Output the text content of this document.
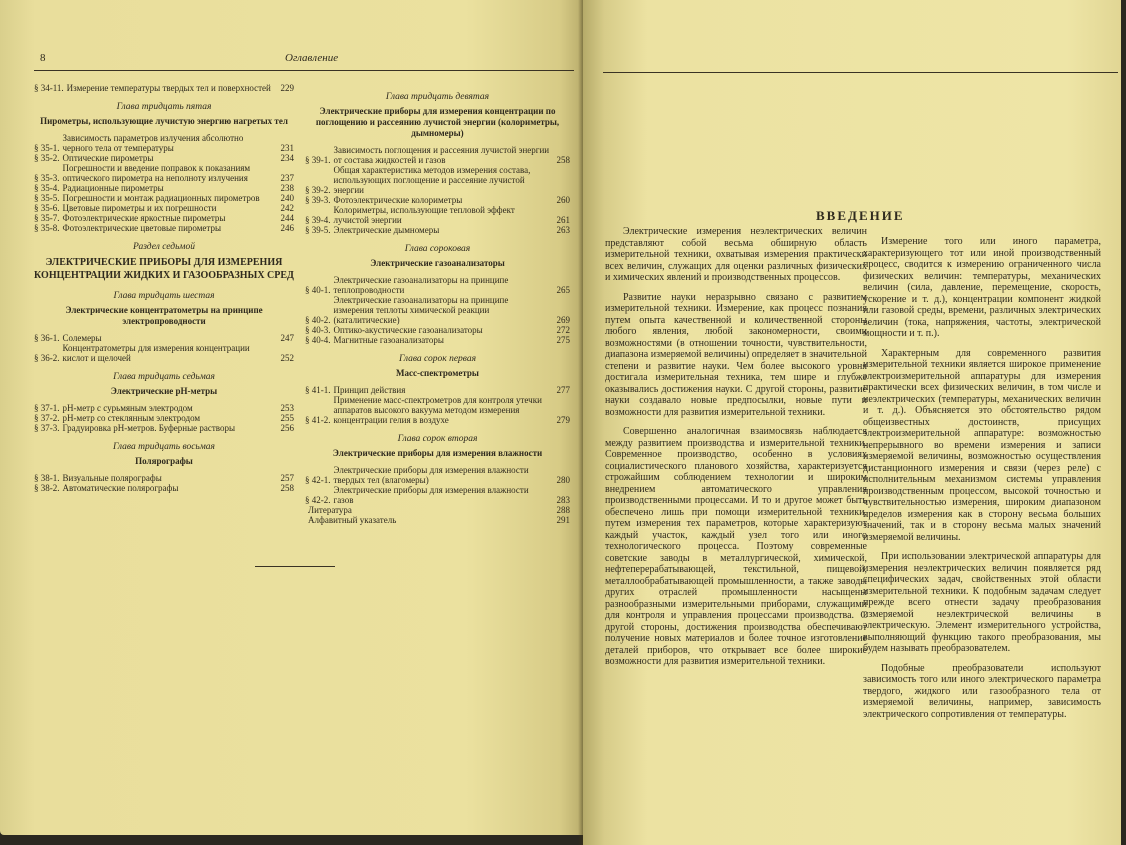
8	Оглавление
§ 34-11. Измерение температуры твердых тел и поверхностей	229
Глава тридцать пятая
Пирометры, использующие лучистую энергию нагретых тел
§ 35-1.
Зависимость параметров излучения абсолютно черного тела от температуры	231
§ 35-2. Оптические пирометры	234
§ 35-3.
Погрешности и введение поправок к показаниям оптического пирометра на неполноту излучения	237
§ 35-4. Радиационные пирометры	238
§ 35-5. Погрешности и монтаж радиационных пирометров	240
§ 35-6. Цветовые пирометры и их погрешности	242
§ 35-7. Фотоэлектрические яркостные пирометры	244
§ 35-8. Фотоэлектрические цветовые пирометры	246
Раздел седьмой
ЭЛЕКТРИЧЕСКИЕ ПРИБОРЫ ДЛЯ ИЗМЕРЕНИЯ КОНЦЕНТРАЦИИ ЖИДКИХ И ГАЗООБРАЗНЫХ СРЕД
Глава тридцать шестая
Электрические концентратометры на принципе электропроводности
§ 36-1. Солемеры	247
§ 36-2.
Концентратометры для измерения концентрации кислот и щелочей	252
Глава тридцать седьмая
Электрические pH-метры
§ 37-1. pH-метр с сурьмяным электродом	253
§ 37-2. pH-метр со стеклянным электродом	255
§ 37-3. Градуировка pH-метров. Буферные растворы	256
Глава тридцать восьмая
Полярографы
§ 38-1. Визуальные полярографы	257
§ 38-2. Автоматические полярографы	258
Глава тридцать девятая
Электрические приборы для измерения концентрации по поглощению и рассеянию лучистой энергии (колориметры, дымномеры)
§ 39-1.
Зависимость поглощения и рассеяния лучистой энергии от состава жидкостей и газов	258
§ 39-2.
Общая характеристика методов измерения состава, использующих поглощение и рассеяние лучистой энергии
§ 39-3. Фотоэлектрические колориметры	260
§ 39-4.
Колориметры, использующие тепловой эффект лучистой энергии	261
§ 39-5. Электрические дымномеры	263
Глава сороковая
Электрические газоанализаторы
§ 40-1.
Электрические газоанализаторы на принципе теплопроводности	265
§ 40-2.
Электрические газоанализаторы на принципе измерения теплоты химической реакции (каталитические)	269
§ 40-3. Оптико-акустические газоанализаторы	272
§ 40-4. Магнитные газоанализаторы	275
Глава сорок первая
Масс-спектрометры
§ 41-1. Принцип действия	277
§ 41-2.
Применение масс-спектрометров для контроля утечки аппаратов высокого вакуума методом измерения концентрации гелия в воздухе	279
Глава сорок вторая
Электрические приборы для измерения влажности
§ 42-1.
Электрические приборы для измерения влажности твердых тел (влагомеры)	280
§ 42-2.
Электрические приборы для измерения влажности газов	283
Литература	288
Алфавитный указатель	291
ВВЕДЕНИЕ

Электрические измерения неэлектрических величин представляют собой весьма обширную область измерительной техники, охватывая измерения практически всех величин, служащих для оценки различных физических и химических явлений и производственных процессов.

Развитие науки неразрывно связано с развитием измерительной техники. Измерение, как процесс познания путем опыта качественной и количественной стороны любого явления, любой закономерности, своими возможностями (в отношении точности, чувствительности, диапазона измеряемой величины) определяет в значительной степени и развитие науки. Чем более высокого уровня достигала измерительная техника, тем шире и глубже оказывались достижения науки. С другой стороны, развитие науки создавало новые предпосылки, новые пути и возможности для развития измерительной техники.

Совершенно аналогичная взаимосвязь наблюдается между развитием производства и измерительной техники. Современное производство, особенно в условиях социалистического планового хозяйства, характеризуется строжайшим соблюдением технологии и широким внедрением автоматического управления производственными процессами. И то и другое может быть обеспечено лишь при помощи измерительной техники, путем измерения тех параметров, которые характеризуют каждый участок, каждый узел того или иного технологического процесса. Поэтому современные советские заводы в металлургической, химической, нефтеперерабатывающей, текстильной, пищевой, металлообрабатывающей промышленности, а также заводы других отраслей промышленности насыщены разнообразными измерительными приборами, служащими для контроля и управления процессами производства. С другой стороны, достижения производства обеспечивают получение новых материалов и более точное изготовление деталей приборов, что открывает все более широкие возможности для развития измерительной техники.

Измерение того или иного параметра, характеризующего тот или иной производственный процесс, сводится к измерению ограниченного числа физических величин: температуры, механических величин (сила, давление, перемещение, скорость, ускорение и т. д.), концентрации компонент жидкой или газовой среды, времени, различных электрических величин (тока, напряжения, частоты, электрической мощности и т. п.).

Характерным для современного развития измерительной техники является широкое применение электроизмерительной аппаратуры для измерения практически всех физических величин, в том числе и неэлектрических (температуры, механических величин и т. д.). Объясняется это обстоятельство рядом общеизвестных достоинств, присущих электроизмерительной аппаратуре: возможностью непрерывного во времени измерения и записи измеряемой величины, возможностью осуществления дистанционного измерения и связи (через реле) с исполнительным механизмом системы управления производственным процессом, высокой точностью и чувствительностью измерения, широким диапазоном пределов измерения как в сторону весьма больших значений, так и в сторону весьма малых значений измеряемой величины.

При использовании электрической аппаратуры для измерения неэлектрических величин появляется ряд специфических задач, свойственных этой области измерительной техники. К подобным задачам следует прежде всего отнести задачу преобразования измеряемой неэлектрической величины в электрическую. Элемент измерительного устройства, выполняющий функцию такого преобразования, мы будем называть преобразователем.

Подобные преобразователи используют зависимость того или иного электрического параметра твердого, жидкого или газообразного тела от измеряемой величины, например, зависимость электрического сопротивления от температуры.
